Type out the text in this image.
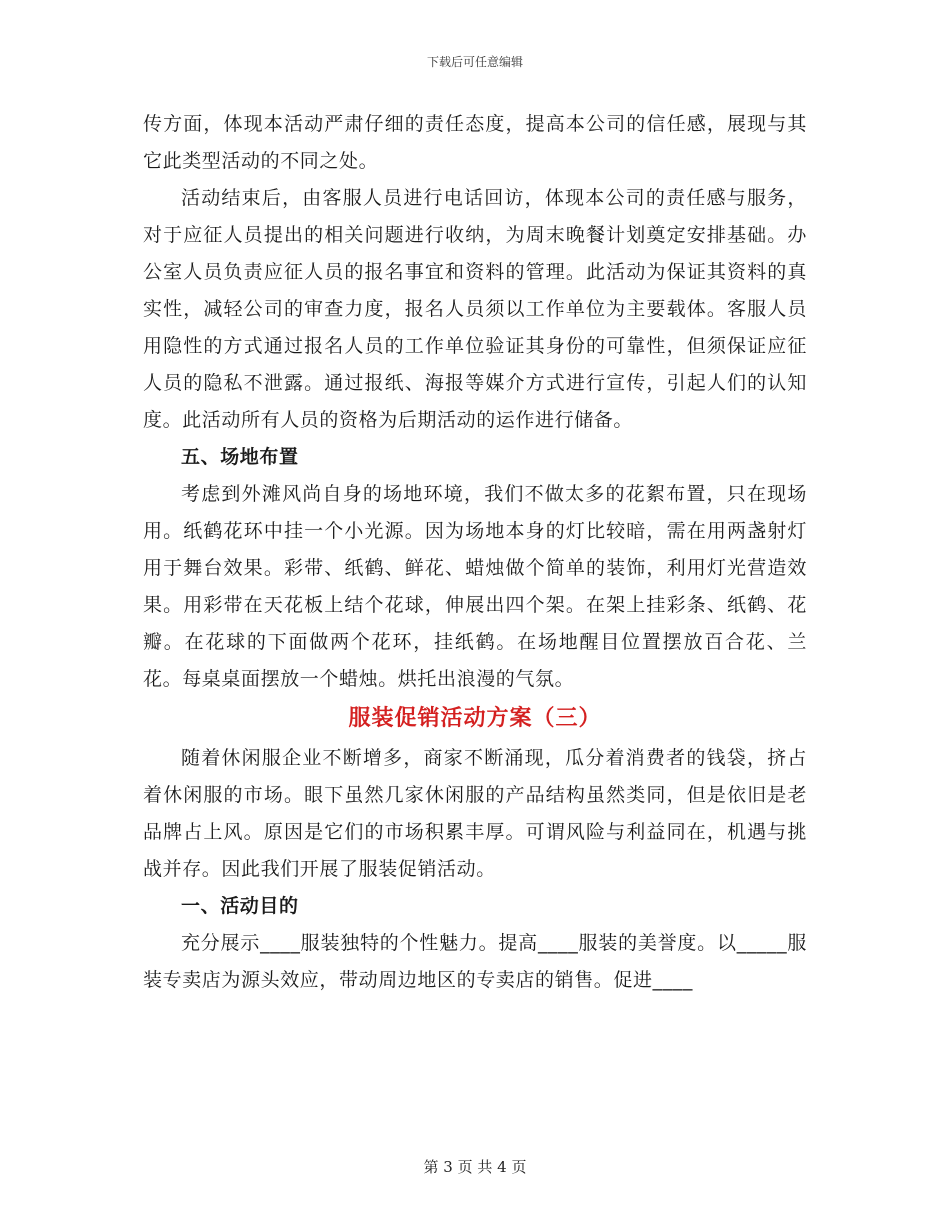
下载后可任意编辑

传方面，体现本活动严肃仔细的责任态度，提高本公司的信任感，展现与其它此类型活动的不同之处。

活动结束后，由客服人员进行电话回访，体现本公司的责任感与服务，对于应征人员提出的相关问题进行收纳，为周末晚餐计划奠定安排基础。办公室人员负责应征人员的报名事宜和资料的管理。此活动为保证其资料的真实性，减轻公司的审查力度，报名人员须以工作单位为主要载体。客服人员用隐性的方式通过报名人员的工作单位验证其身份的可靠性，但须保证应征人员的隐私不泄露。通过报纸、海报等媒介方式进行宣传，引起人们的认知度。此活动所有人员的资格为后期活动的运作进行储备。

五、场地布置

考虑到外滩风尚自身的场地环境，我们不做太多的花絮布置，只在现场用。纸鹤花环中挂一个小光源。因为场地本身的灯比较暗，需在用两盏射灯用于舞台效果。彩带、纸鹤、鲜花、蜡烛做个简单的装饰，利用灯光营造效果。用彩带在天花板上结个花球，伸展出四个架。在架上挂彩条、纸鹤、花瓣。在花球的下面做两个花环，挂纸鹤。在场地醒目位置摆放百合花、兰花。每桌桌面摆放一个蜡烛。烘托出浪漫的气氛。

服装促销活动方案（三）

随着休闲服企业不断增多，商家不断涌现，瓜分着消费者的钱袋，挤占着休闲服的市场。眼下虽然几家休闲服的产品结构虽然类同，但是依旧是老品牌占上风。原因是它们的市场积累丰厚。可谓风险与利益同在，机遇与挑战并存。因此我们开展了服装促销活动。

一、活动目的

充分展示____服装独特的个性魅力。提高____服装的美誉度。以_____服装专卖店为源头效应，带动周边地区的专卖店的销售。促进____

第 3 页 共 4 页
